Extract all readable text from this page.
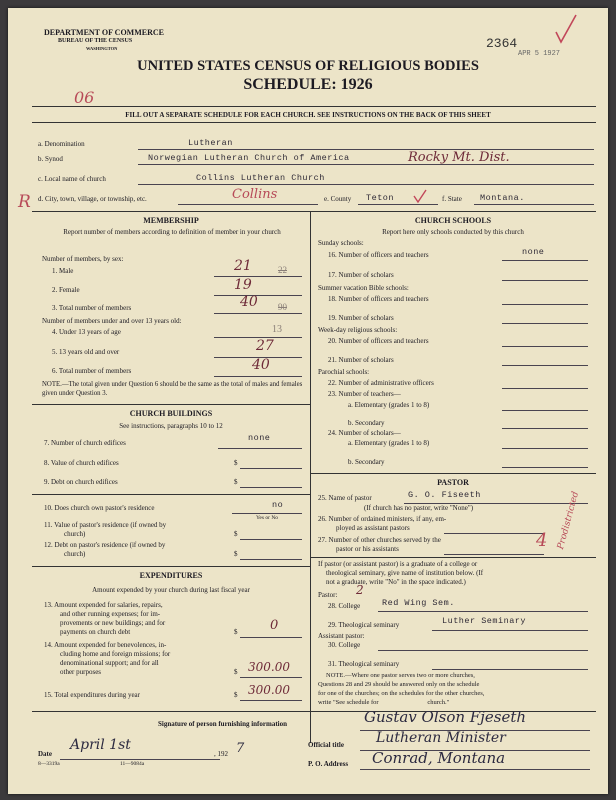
DEPARTMENT OF COMMERCE
BUREAU OF THE CENSUS
WASHINGTON	2364
APR 5 1927
UNITED STATES CENSUS OF RELIGIOUS BODIES
SCHEDULE: 1926
06
FILL OUT A SEPARATE SCHEDULE FOR EACH CHURCH. SEE INSTRUCTIONS ON THE BACK OF THIS SHEET
a. Denomination	Lutheran
b. Synod	Norwegian Lutheran Church of America	Rocky Mt. Dist.
c. Local name of church	Collins Lutheran Church
R d. City, town, village, or township, etc.	Collins	e. County Teton	f. State Montana.
MEMBERSHIP
Report number of members according to definition of member in your church
Number of members, by sex:
1. Male	21	22
2. Female	19
3. Total number of members	40 90
Number of members under and over 13 years old:
4. Under 13 years of age	13
5. 13 years old and over	27
6. Total number of members	40
NOTE.—The total given under Question 6 should be the same as the total of males and females given under Question 3.
CHURCH BUILDINGS
See instructions, paragraphs 10 to 12
7. Number of church edifices	none
8. Value of church edifices	$
9. Debt on church edifices	$
10. Does church own pastor's residence	no
Yes or No
11. Value of pastor's residence (if owned by
church)	$
12. Debt on pastor's residence (if owned by
church)	$
EXPENDITURES
Amount expended by your church during last fiscal year
13. Amount expended for salaries, repairs,
and other running expenses; for im-
provements or new buildings; and for
payments on church debt	$	0
14. Amount expended for benevolences, in-
cluding home and foreign missions; for
denominational support; and for all
other purposes	$ 300.00
15. Total expenditures during year	$ 300.00
CHURCH SCHOOLS
Report here only schools conducted by this church
Sunday schools:
16. Number of officers and teachers	none
17. Number of scholars
Summer vacation Bible schools:
18. Number of officers and teachers
19. Number of scholars
Week-day religious schools:
20. Number of officers and teachers
21. Number of scholars
Parochial schools:
22. Number of administrative officers
23. Number of teachers—
a. Elementary (grades 1 to 8)
b. Secondary
24. Number of scholars—
a. Elementary (grades 1 to 8)
b. Secondary
PASTOR
25. Name of pastor	G. O. Fiseeth
(If church has no pastor, write "None")
26. Number of ordained ministers, if any, em-
ployed as assistant pastors
27. Number of other churches served by the
pastor or his assistants	4 Prodistricted
If pastor (or assistant pastor) is a graduate of a college or
theological seminary, give name of institution below. (If
not a graduate, write "No" in the space indicated.)
Pastor: 2
28. College	Red Wing Sem.
29. Theological seminary	Luther Seminary
Assistant pastor:
30. College
31. Theological seminary
NOTE.—Where one pastor serves two or more churches,
Questions 28 and 29 should be answered only on the schedule
for one of the churches; on the schedules for the other churches,
write "See schedule for                              church."
Signature of person furnishing information	Gustav Olson Fjeseth
Official title Lutheran Minister
P. O. Address Conrad, Montana
Date
April 1st
, 192 7
8—3319a	11—9084a
